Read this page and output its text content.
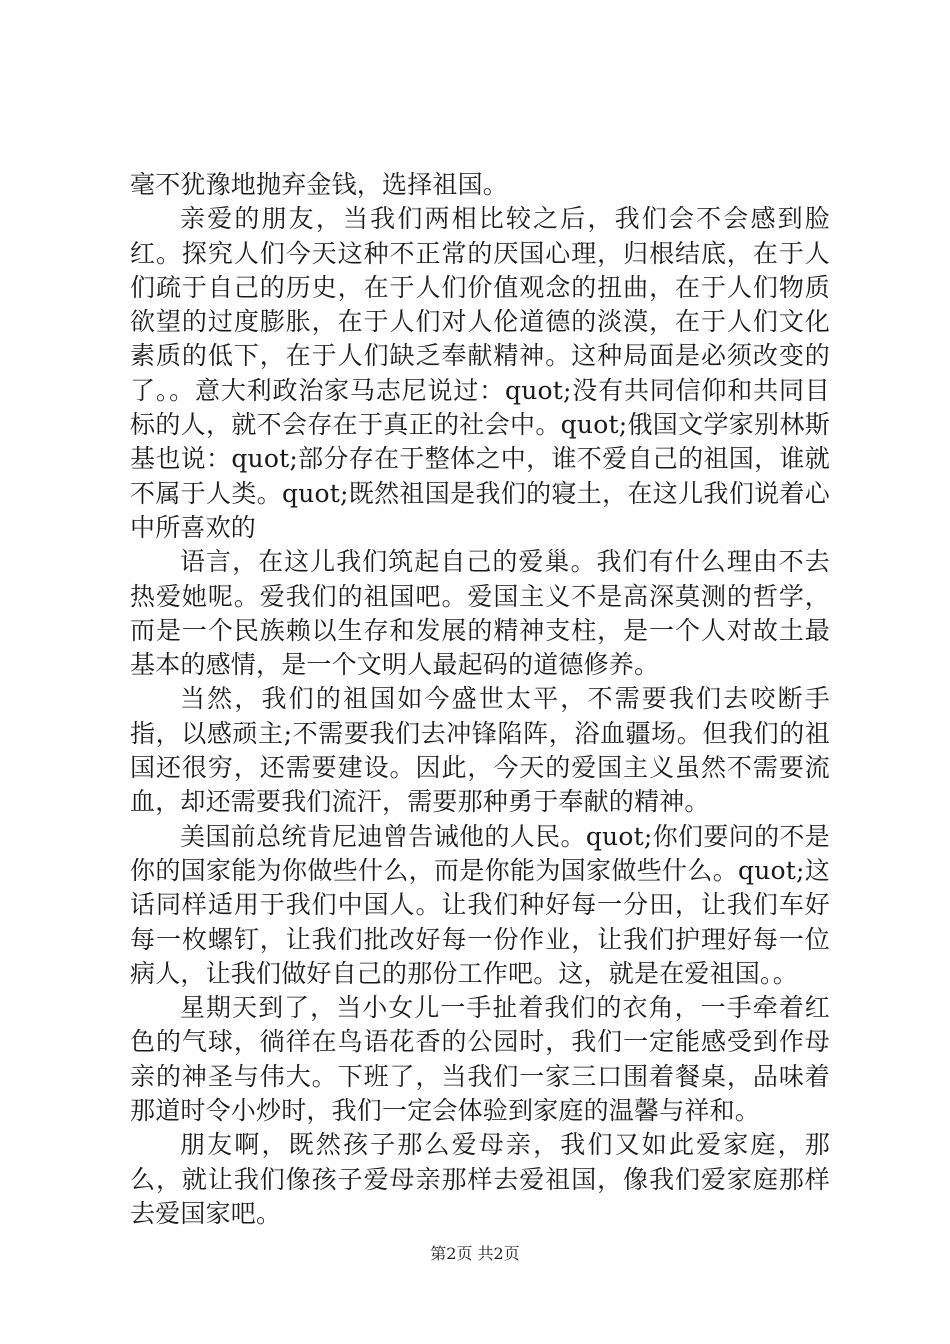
毫不犹豫地抛弃金钱，选择祖国。

亲爱的朋友，当我们两相比较之后，我们会不会感到脸红。探究人们今天这种不正常的厌国心理，归根结底，在于人们疏于自己的历史，在于人们价值观念的扭曲，在于人们物质欲望的过度膨胀，在于人们对人伦道德的淡漠，在于人们文化素质的低下，在于人们缺乏奉献精神。这种局面是必须改变的了。。意大利政治家马志尼说过：quot;没有共同信仰和共同目标的人，就不会存在于真正的社会中。quot;俄国文学家别林斯基也说：quot;部分存在于整体之中，谁不爱自己的祖国，谁就不属于人类。quot;既然祖国是我们的寝土，在这儿我们说着心中所喜欢的

语言，在这儿我们筑起自己的爱巢。我们有什么理由不去热爱她呢。爱我们的祖国吧。爱国主义不是高深莫测的哲学，而是一个民族赖以生存和发展的精神支柱，是一个人对故土最基本的感情，是一个文明人最起码的道德修养。

当然，我们的祖国如今盛世太平，不需要我们去咬断手指，以感顽主;不需要我们去冲锋陷阵，浴血疆场。但我们的祖国还很穷，还需要建设。因此，今天的爱国主义虽然不需要流血，却还需要我们流汗，需要那种勇于奉献的精神。

美国前总统肯尼迪曾告诫他的人民。quot;你们要问的不是你的国家能为你做些什么，而是你能为国家做些什么。quot;这话同样适用于我们中国人。让我们种好每一分田，让我们车好每一枚螺钉，让我们批改好每一份作业，让我们护理好每一位病人，让我们做好自己的那份工作吧。这，就是在爱祖国。。

星期天到了，当小女儿一手扯着我们的衣角，一手牵着红色的气球，徜徉在鸟语花香的公园时，我们一定能感受到作母亲的神圣与伟大。下班了，当我们一家三口围着餐桌，品味着那道时令小炒时，我们一定会体验到家庭的温馨与祥和。

朋友啊，既然孩子那么爱母亲，我们又如此爱家庭，那么，就让我们像孩子爱母亲那样去爱祖国，像我们爱家庭那样去爱国家吧。

第2页 共2页
